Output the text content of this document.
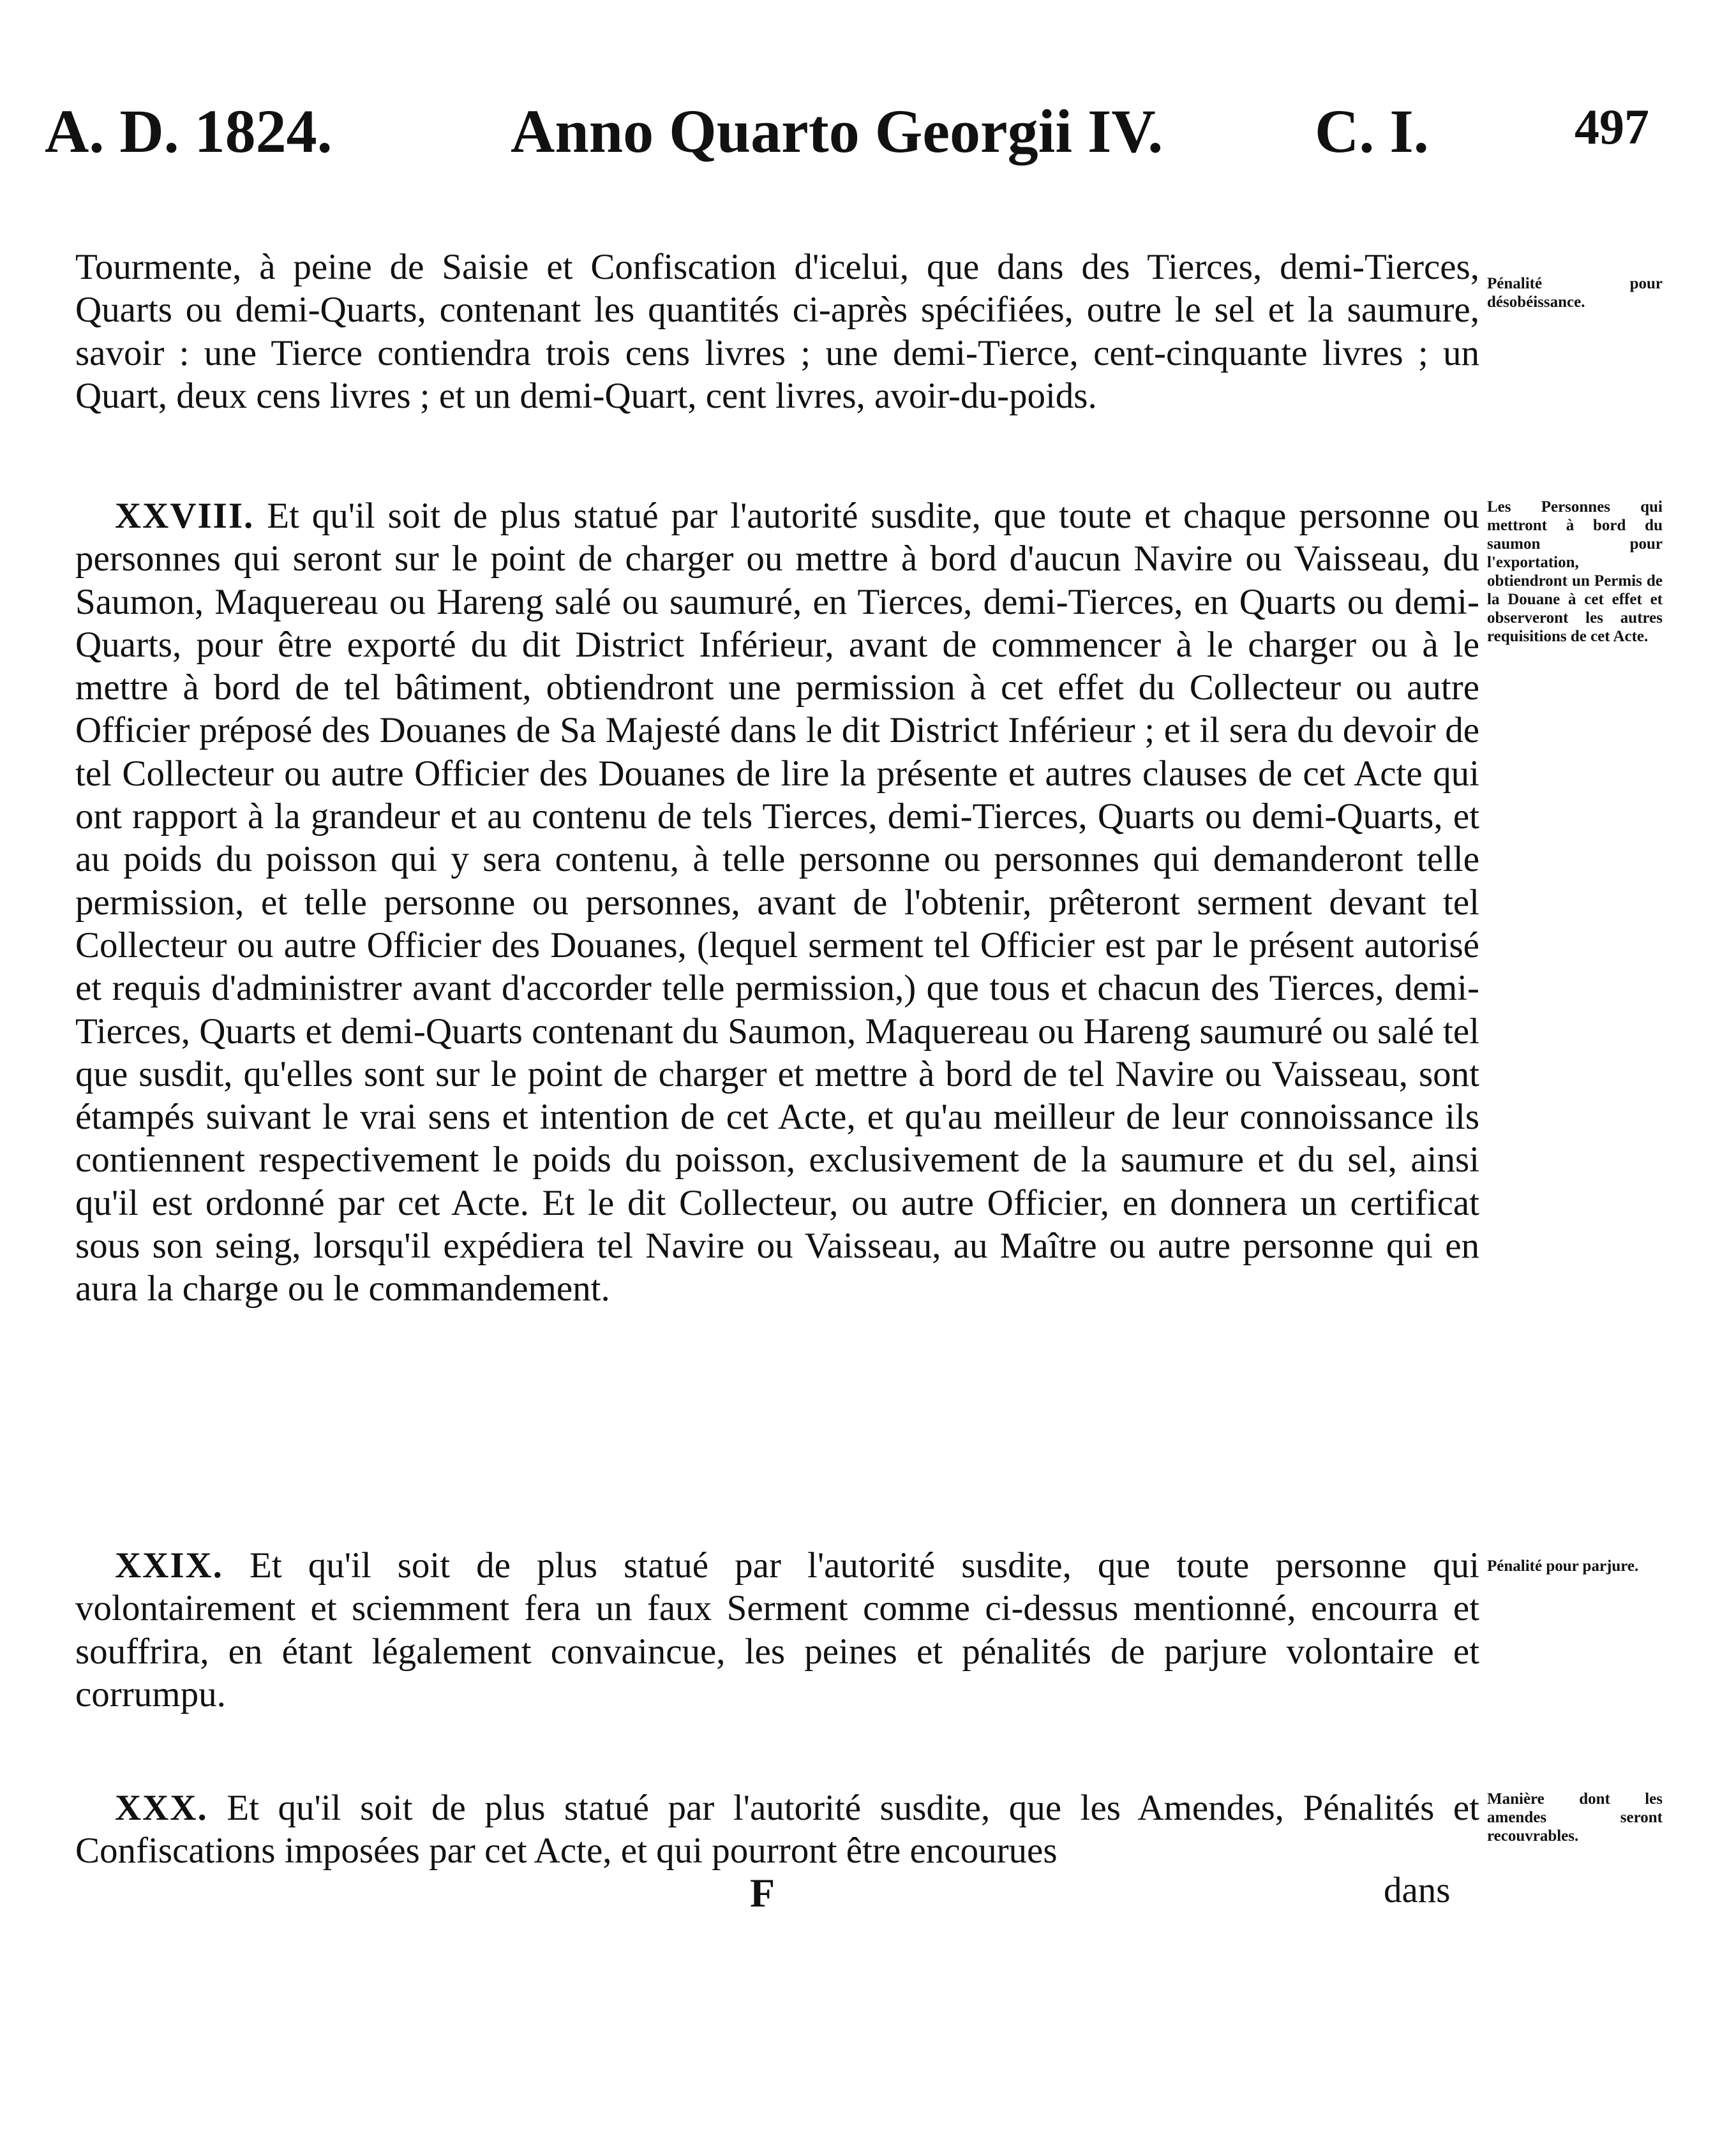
A. D. 1824.	Anno Quarto Georgii IV. C. I.	497

Tourmente, à peine de Saisie et Confiscation d'icelui, que dans des Tierces, demi-Tierces, Quarts ou demi-Quarts, contenant les quantités ci-après spécifiées, outre le sel et la saumure, savoir : une Tierce contiendra trois cens livres ; une demi-Tierce, cent-cinquante livres ; un Quart, deux cens livres ; et un demi-Quart, cent livres, avoir-du-poids.

Pénalité pour désobéissance.

XXVIII. Et qu'il soit de plus statué par l'autorité susdite, que toute et chaque personne ou personnes qui seront sur le point de charger ou mettre à bord d'aucun Navire ou Vaisseau, du Saumon, Maquereau ou Hareng salé ou saumuré, en Tierces, demi-Tierces, en Quarts ou demi-Quarts, pour être exporté du dit District Inférieur, avant de commencer à le charger ou à le mettre à bord de tel bâtiment, obtiendront une permission à cet effet du Collecteur ou autre Officier préposé des Douanes de Sa Majesté dans le dit District Inférieur ; et il sera du devoir de tel Collecteur ou autre Officier des Douanes de lire la présente et autres clauses de cet Acte qui ont rapport à la grandeur et au contenu de tels Tierces, demi-Tierces, Quarts ou demi-Quarts, et au poids du poisson qui y sera contenu, à telle personne ou personnes qui demanderont telle permission, et telle personne ou personnes, avant de l'obtenir, prêteront serment devant tel Collecteur ou autre Officier des Douanes, (lequel serment tel Officier est par le présent autorisé et requis d'administrer avant d'accorder telle permission,) que tous et chacun des Tierces, demi-Tierces, Quarts et demi-Quarts contenant du Saumon, Maquereau ou Hareng saumuré ou salé tel que susdit, qu'elles sont sur le point de charger et mettre à bord de tel Navire ou Vaisseau, sont étampés suivant le vrai sens et intention de cet Acte, et qu'au meilleur de leur connoissance ils contiennent respectivement le poids du poisson, exclusivement de la saumure et du sel, ainsi qu'il est ordonné par cet Acte. Et le dit Collecteur, ou autre Officier, en donnera un certificat sous son seing, lorsqu'il expédiera tel Navire ou Vaisseau, au Maître ou autre personne qui en aura la charge ou le commandement.

Les Personnes qui mettront à bord du saumon pour l'exportation, obtiendront un Permis de la Douane à cet effet et observeront les autres requisitions de cet Acte.

XXIX. Et qu'il soit de plus statué par l'autorité susdite, que toute personne qui volontairement et sciemment fera un faux Serment comme ci-dessus mentionné, encourra et souffrira, en étant légalement convaincue, les peines et pénalités de parjure volontaire et corrumpu.

Pénalité pour parjure.

XXX. Et qu'il soit de plus statué par l'autorité susdite, que les Amendes, Pénalités et Confiscations imposées par cet Acte, et qui pourront être encourues

Manière dont les amendes seront recouvrables.

F	dans
